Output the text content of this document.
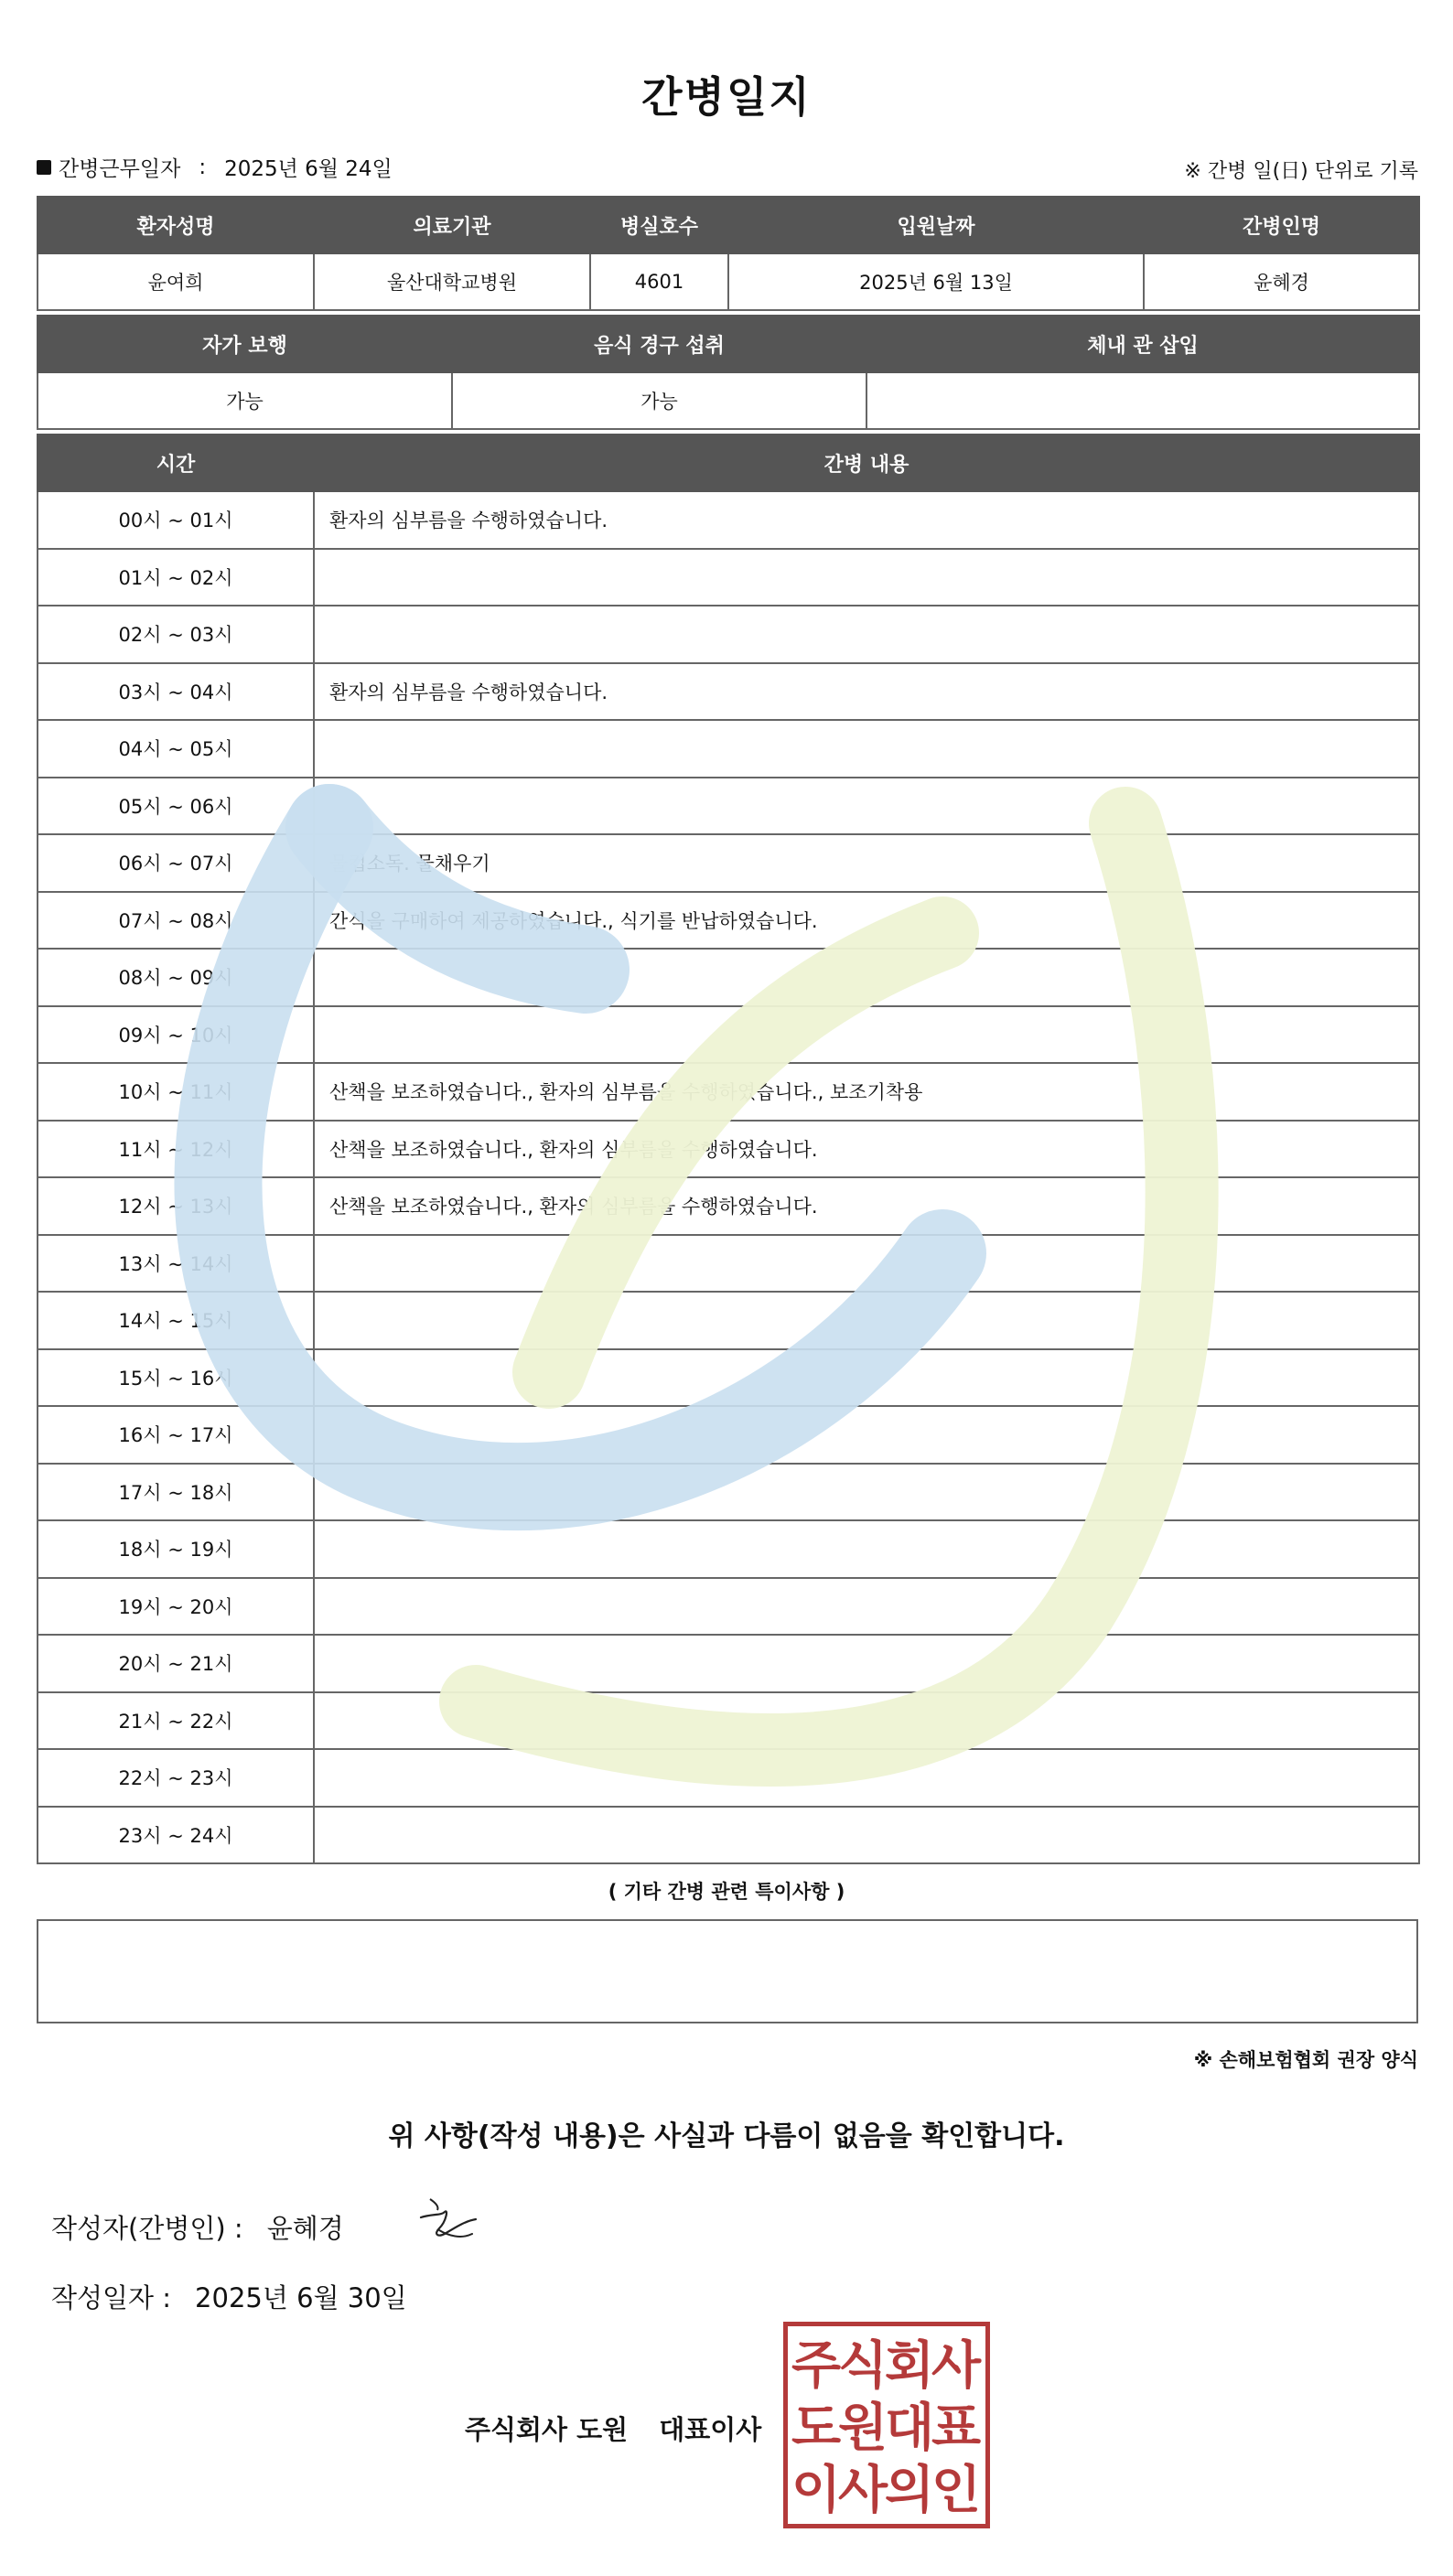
간병일지
간병근무일자 : 2025년 6월 24일	※ 간병 일(日) 단위로 기록
환자성명	의료기관	병실호수	입원날짜	간병인명
윤여희	울산대학교병원	4601	2025년 6월 13일	윤혜경
자가 보행	음식 경구 섭취	체내 관 삽입
가능	가능	
시간	간병 내용
00시 ~ 01시	환자의 심부름을 수행하였습니다.
01시 ~ 02시	
02시 ~ 03시	
03시 ~ 04시	환자의 심부름을 수행하였습니다.
04시 ~ 05시	
05시 ~ 06시	
06시 ~ 07시	물컵소독. 물채우기
07시 ~ 08시	간식을 구매하여 제공하였습니다., 식기를 반납하였습니다.
08시 ~ 09시	
09시 ~ 10시	
10시 ~ 11시	산책을 보조하였습니다., 환자의 심부름을 수행하였습니다., 보조기착용
11시 ~ 12시	산책을 보조하였습니다., 환자의 심부름을 수행하였습니다.
12시 ~ 13시	산책을 보조하였습니다., 환자의 심부름을 수행하였습니다.
13시 ~ 14시	
14시 ~ 15시	
15시 ~ 16시	
16시 ~ 17시	
17시 ~ 18시	
18시 ~ 19시	
19시 ~ 20시	
20시 ~ 21시	
21시 ~ 22시	
22시 ~ 23시	
23시 ~ 24시	
( 기타 간병 관련 특이사항 )
※ 손해보험협회 권장 양식
위 사항(작성 내용)은 사실과 다름이 없음을 확인합니다.
작성자(간병인) : 윤혜경
작성일자 : 2025년 6월 30일
주식회사 도원 대표이사
주
식
회
사
도
원
대
표
이
사
의
인
